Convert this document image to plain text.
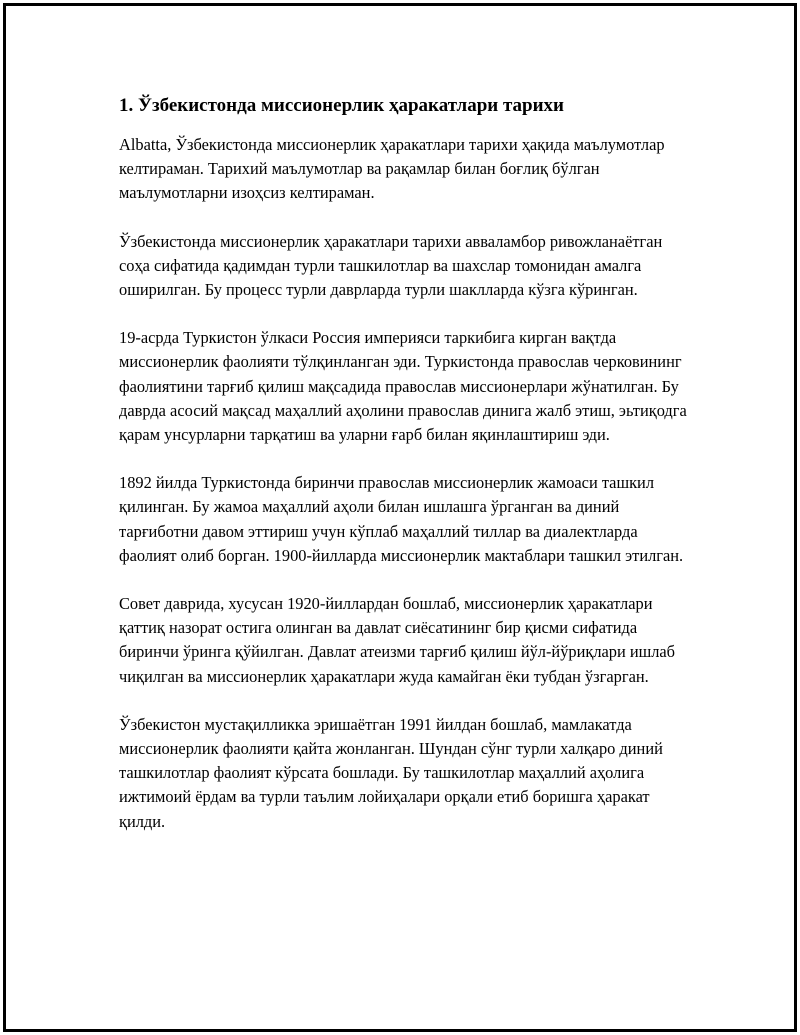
1. Ўзбекистонда миссионерлик ҳаракатлари тарихи

Albatta, Ўзбекистонда миссионерлик ҳаракатлари тарихи ҳақида маълумотлар келтираман. Тарихий маълумотлар ва рақамлар билан боғлиқ бўлган маълумотларни изоҳсиз келтираман.

Ўзбекистонда миссионерлик ҳаракатлари тарихи аввалaмбор ривожланаётган соҳа сифатида қадимдан турли ташкилотлар ва шахслар томонидан амалга оширилган. Бу процесс турли даврларда турли шаклларда кўзга кўринган.

19-асрда Туркистон ўлкаси Россия империяси таркибига кирган вақтда миссионерлик фаолияти тўлқинланган эди. Туркистонда православ черковининг фаолиятини тарғиб қилиш мақсадида православ миссионерлари жўнатилган. Бу даврда асосий мақсад маҳаллий аҳолини православ динига жалб этиш, эьтиқодга қарам унсурларни тарқатиш ва уларни ғарб билан яқинлаштириш эди.

1892 йилда Туркистонда биринчи православ миссионерлик жамоаси ташкил қилинган. Бу жамоа маҳаллий аҳоли билан ишлашга ўрганган ва диний тарғиботни давом эттириш учун кўплаб маҳаллий тиллар ва диалектларда фаолият олиб борган. 1900-йилларда миссионерлик мактаблари ташкил этилган.

Совет даврида, хусусан 1920-йиллардан бошлаб, миссионерлик ҳаракатлари қаттиқ назорат остига олинган ва давлат сиёсатининг бир қисми сифатида биринчи ўринга қўйилган. Давлат атеизми тарғиб қилиш йўл-йўриқлари ишлаб чиқилган ва миссионерлик ҳаракатлари жуда камайган ёки тубдан ўзгарган.

Ўзбекистон мустақилликка эришаётган 1991 йилдан бошлаб, мамлакатда миссионерлик фаолияти қайта жонланган. Шундан сўнг турли халқаро диний ташкилотлар фаолият кўрсата бошлади. Бу ташкилотлар маҳаллий аҳолига ижтимоий ёрдам ва турли таълим лойиҳалари орқали етиб боришга ҳаракат қилди.
